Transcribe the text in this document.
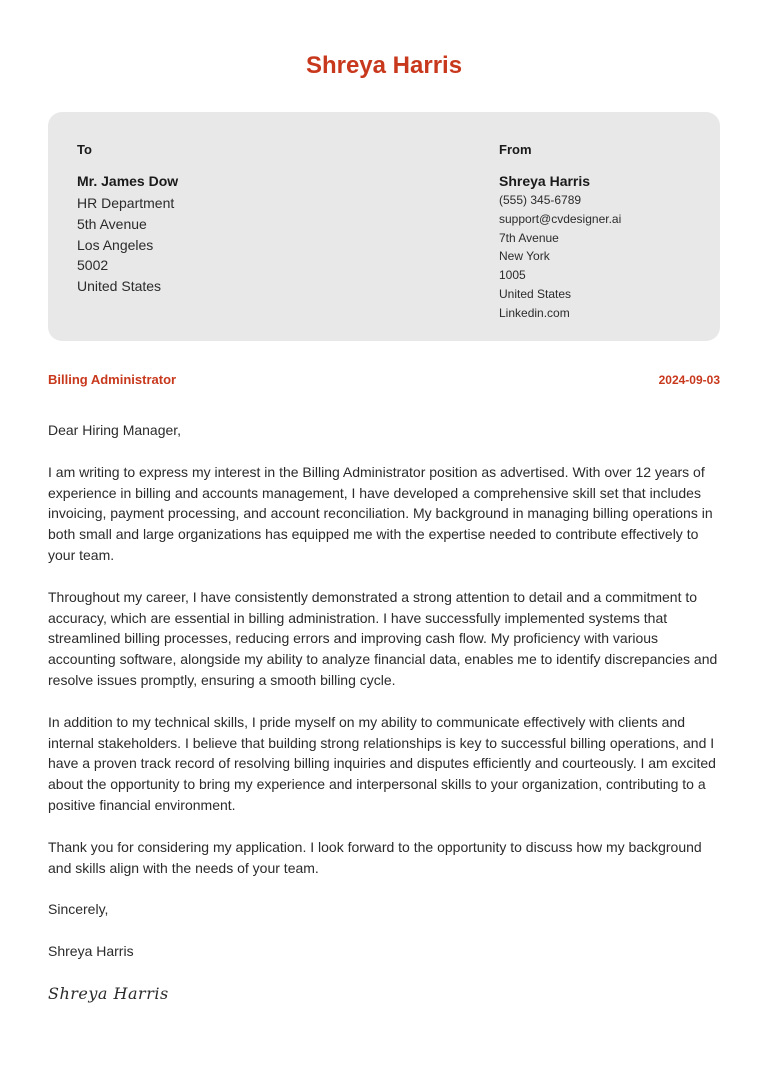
Shreya Harris
To
Mr. James Dow
HR Department
5th Avenue
Los Angeles
5002
United States
From
Shreya Harris
(555) 345-6789
support@cvdesigner.ai
7th Avenue
New York
1005
United States
Linkedin.com
Billing Administrator	2024-09-03

Dear Hiring Manager,

I am writing to express my interest in the Billing Administrator position as advertised. With over 12 years of experience in billing and accounts management, I have developed a comprehensive skill set that includes invoicing, payment processing, and account reconciliation. My background in managing billing operations in both small and large organizations has equipped me with the expertise needed to contribute effectively to your team.

Throughout my career, I have consistently demonstrated a strong attention to detail and a commitment to accuracy, which are essential in billing administration. I have successfully implemented systems that streamlined billing processes, reducing errors and improving cash flow. My proficiency with various accounting software, alongside my ability to analyze financial data, enables me to identify discrepancies and resolve issues promptly, ensuring a smooth billing cycle.

In addition to my technical skills, I pride myself on my ability to communicate effectively with clients and internal stakeholders. I believe that building strong relationships is key to successful billing operations, and I have a proven track record of resolving billing inquiries and disputes efficiently and courteously. I am excited about the opportunity to bring my experience and interpersonal skills to your organization, contributing to a positive financial environment.

Thank you for considering my application. I look forward to the opportunity to discuss how my background and skills align with the needs of your team.

Sincerely,

Shreya Harris

Shreya Harris
